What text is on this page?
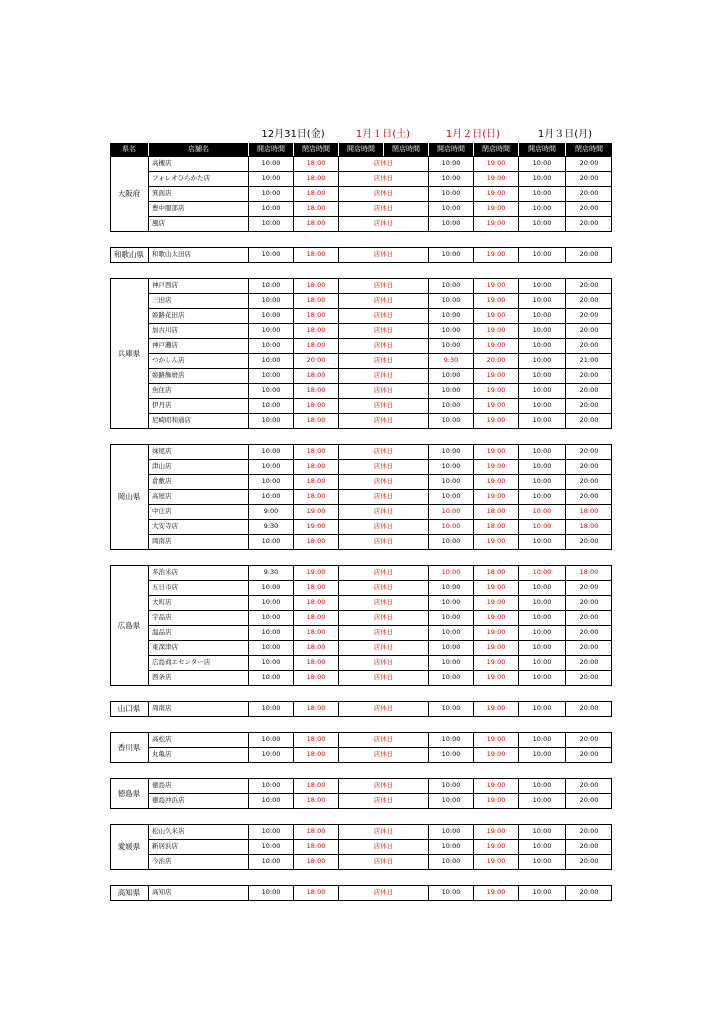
12月31日(金)	1月１日(土)	1月２日(日)	1月３日(月)
県名	店舗名	開店時間	閉店時間	開店時間	閉店時間	開店時間	閉店時間	開店時間	閉店時間
大阪府
高槻店	10:00	18:00	店休日	10:00	19:00	10:00	20:00
フォレオひらかた店	10:00	18:00	店休日	10:00	19:00	10:00	20:00
箕面店	10:00	18:00	店休日	10:00	19:00	10:00	20:00
豊中服部店	10:00	18:00	店休日	10:00	19:00	10:00	20:00
風店	10:00	18:00	店休日	10:00	19:00	10:00	20:00
和歌山県	和歌山太田店	10:00	18:00	店休日	10:00	19:00	10:00	20:00
兵庫県
神戸西店	10:00	18:00	店休日	10:00	19:00	10:00	20:00
三田店	10:00	18:00	店休日	10:00	19:00	10:00	20:00
姫路花田店	10:00	18:00	店休日	10:00	19:00	10:00	20:00
加古川店	10:00	18:00	店休日	10:00	19:00	10:00	20:00
神戸灘店	10:00	18:00	店休日	10:00	19:00	10:00	20:00
つかしん店	10:00	20:00	店休日	9:30	20:00	10:00	21:00
姫路飾磨店	10:00	18:00	店休日	10:00	19:00	10:00	20:00
魚住店	10:00	18:00	店休日	10:00	19:00	10:00	20:00
伊丹店	10:00	18:00	店休日	10:00	19:00	10:00	20:00
尼崎昭和通店	10:00	18:00	店休日	10:00	19:00	10:00	20:00
岡山県
妹尾店	10:00	18:00	店休日	10:00	19:00	10:00	20:00
津山店	10:00	18:00	店休日	10:00	19:00	10:00	20:00
倉敷店	10:00	18:00	店休日	10:00	19:00	10:00	20:00
高屋店	10:00	18:00	店休日	10:00	19:00	10:00	20:00
中庄店	9:00	19:00	店休日	10:00	18:00	10:00	18:00
大安寺店	9:30	19:00	店休日	10:00	18:00	10:00	18:00
岡南店	10:00	18:00	店休日	10:00	19:00	10:00	20:00
広島県
多治米店	9:30	19:00	店休日	10:00	18:00	10:00	18:00
五日市店	10:00	18:00	店休日	10:00	19:00	10:00	20:00
大町店	10:00	18:00	店休日	10:00	19:00	10:00	20:00
宇品店	10:00	18:00	店休日	10:00	19:00	10:00	20:00
温品店	10:00	18:00	店休日	10:00	19:00	10:00	20:00
東深津店	10:00	18:00	店休日	10:00	19:00	10:00	20:00
広島商エセンター店	10:00	18:00	店休日	10:00	19:00	10:00	20:00
西条店	10:00	18:00	店休日	10:00	19:00	10:00	20:00
山口県	周南店	10:00	18:00	店休日	10:00	19:00	10:00	20:00
香川県
高松店	10:00	18:00	店休日	10:00	19:00	10:00	20:00
丸亀店	10:00	18:00	店休日	10:00	19:00	10:00	20:00
徳島県
徳島店	10:00	18:00	店休日	10:00	19:00	10:00	20:00
徳島沖浜店	10:00	18:00	店休日	10:00	19:00	10:00	20:00
愛媛県
松山久米店	10:00	18:00	店休日	10:00	19:00	10:00	20:00
新居浜店	10:00	18:00	店休日	10:00	19:00	10:00	20:00
今治店	10:00	18:00	店休日	10:00	19:00	10:00	20:00
高知県	高知店	10:00	18:00	店休日	10:00	19:00	10:00	20:00
